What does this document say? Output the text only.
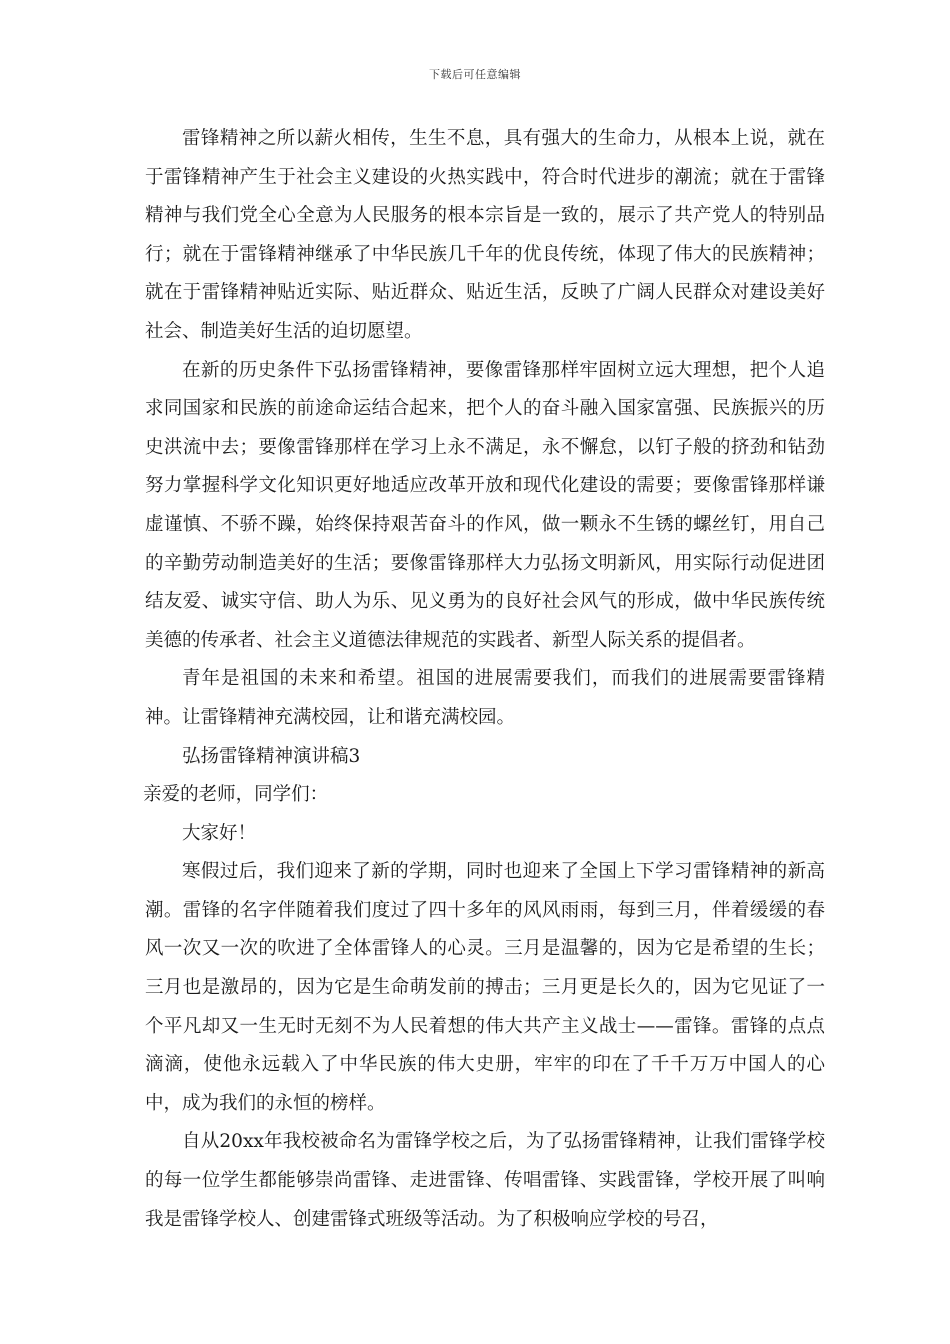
下载后可任意编辑

雷锋精神之所以薪火相传，生生不息，具有强大的生命力，从根本上说，就在于雷锋精神产生于社会主义建设的火热实践中，符合时代进步的潮流；就在于雷锋精神与我们党全心全意为人民服务的根本宗旨是一致的，展示了共产党人的特别品行；就在于雷锋精神继承了中华民族几千年的优良传统，体现了伟大的民族精神；就在于雷锋精神贴近实际、贴近群众、贴近生活，反映了广阔人民群众对建设美好社会、制造美好生活的迫切愿望。

在新的历史条件下弘扬雷锋精神，要像雷锋那样牢固树立远大理想，把个人追求同国家和民族的前途命运结合起来，把个人的奋斗融入国家富强、民族振兴的历史洪流中去；要像雷锋那样在学习上永不满足，永不懈怠，以钉子般的挤劲和钻劲努力掌握科学文化知识更好地适应改革开放和现代化建设的需要；要像雷锋那样谦虚谨慎、不骄不躁，始终保持艰苦奋斗的作风，做一颗永不生锈的螺丝钉，用自己的辛勤劳动制造美好的生活；要像雷锋那样大力弘扬文明新风，用实际行动促进团结友爱、诚实守信、助人为乐、见义勇为的良好社会风气的形成，做中华民族传统美德的传承者、社会主义道德法律规范的实践者、新型人际关系的提倡者。

青年是祖国的未来和希望。祖国的进展需要我们，而我们的进展需要雷锋精神。让雷锋精神充满校园，让和谐充满校园。

弘扬雷锋精神演讲稿3

亲爱的老师，同学们：

大家好！

寒假过后，我们迎来了新的学期，同时也迎来了全国上下学习雷锋精神的新高潮。雷锋的名字伴随着我们度过了四十多年的风风雨雨，每到三月，伴着缓缓的春风一次又一次的吹进了全体雷锋人的心灵。三月是温馨的，因为它是希望的生长；三月也是激昂的，因为它是生命萌发前的搏击；三月更是长久的，因为它见证了一个平凡却又一生无时无刻不为人民着想的伟大共产主义战士——雷锋。雷锋的点点滴滴，使他永远载入了中华民族的伟大史册，牢牢的印在了千千万万中国人的心中，成为我们的永恒的榜样。

自从20xx年我校被命名为雷锋学校之后，为了弘扬雷锋精神，让我们雷锋学校的每一位学生都能够崇尚雷锋、走进雷锋、传唱雷锋、实践雷锋，学校开展了叫响我是雷锋学校人、创建雷锋式班级等活动。为了积极响应学校的号召，
